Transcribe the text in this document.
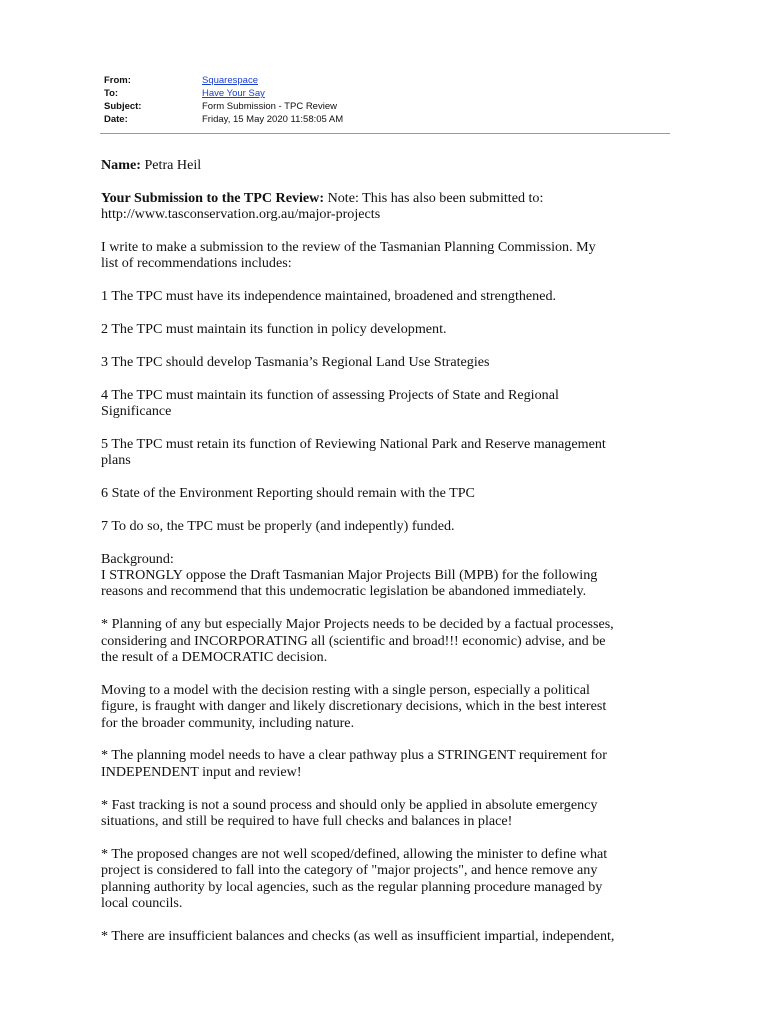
From:	Squarespace
To:	Have Your Say
Subject:	Form Submission - TPC Review
Date:	Friday, 15 May 2020 11:58:05 AM

Name: Petra Heil

Your Submission to the TPC Review: Note: This has also been submitted to:
http://www.tasconservation.org.au/major-projects

I write to make a submission to the review of the Tasmanian Planning Commission. My
list of recommendations includes:

1 The TPC must have its independence maintained, broadened and strengthened.

2 The TPC must maintain its function in policy development.

3 The TPC should develop Tasmania’s Regional Land Use Strategies

4 The TPC must maintain its function of assessing Projects of State and Regional
Significance

5 The TPC must retain its function of Reviewing National Park and Reserve management
plans

6 State of the Environment Reporting should remain with the TPC

7 To do so, the TPC must be properly (and indepently) funded.

Background:
I STRONGLY oppose the Draft Tasmanian Major Projects Bill (MPB) for the following
reasons and recommend that this undemocratic legislation be abandoned immediately.

* Planning of any but especially Major Projects needs to be decided by a factual processes,
considering and INCORPORATING all (scientific and broad!!! economic) advise, and be
the result of a DEMOCRATIC decision.

Moving to a model with the decision resting with a single person, especially a political
figure, is fraught with danger and likely discretionary decisions, which in the best interest
for the broader community, including nature.

* The planning model needs to have a clear pathway plus a STRINGENT requirement for
INDEPENDENT input and review!

* Fast tracking is not a sound process and should only be applied in absolute emergency
situations, and still be required to have full checks and balances in place!

* The proposed changes are not well scoped/defined, allowing the minister to define what
project is considered to fall into the category of "major projects", and hence remove any
planning authority by local agencies, such as the regular planning procedure managed by
local councils.

* There are insufficient balances and checks (as well as insufficient impartial, independent,
